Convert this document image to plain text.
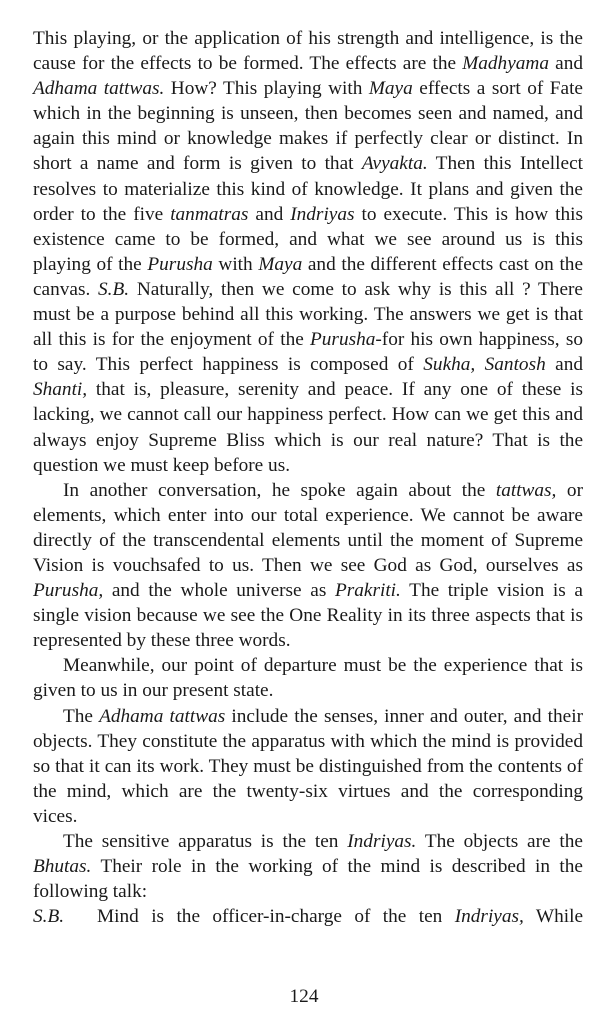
This playing, or the application of his strength and intelligence, is the cause for the effects to be formed. The effects are the Madhyama and Adhama tattwas. How? This playing with Maya effects a sort of Fate which in the beginning is unseen, then becomes seen and named, and again this mind or knowledge makes if perfectly clear or distinct. In short a name and form is given to that Avyakta. Then this Intellect resolves to materialize this kind of knowledge. It plans and given the order to the five tanmatras and Indriyas to execute. This is how this existence came to be formed, and what we see around us is this playing of the Purusha with Maya and the different effects cast on the canvas. S.B. Naturally, then we come to ask why is this all ? There must be a purpose behind all this working. The answers we get is that all this is for the enjoyment of the Purusha-for his own happiness, so to say. This perfect happiness is composed of Sukha, Santosh and Shanti, that is, pleasure, serenity and peace. If any one of these is lacking, we cannot call our happiness perfect. How can we get this and always enjoy Supreme Bliss which is our real nature? That is the question we must keep before us.

In another conversation, he spoke again about the tattwas, or elements, which enter into our total experience. We cannot be aware directly of the transcendental elements until the moment of Supreme Vision is vouchsafed to us. Then we see God as God, ourselves as Purusha, and the whole universe as Prakriti. The triple vision is a single vision because we see the One Reality in its three aspects that is represented by these three words.

Meanwhile, our point of departure must be the experience that is given to us in our present state.

The Adhama tattwas include the senses, inner and outer, and their objects. They constitute the apparatus with which the mind is provided so that it can its work. They must be distinguished from the contents of the mind, which are the twenty-six virtues and the corresponding vices.

The sensitive apparatus is the ten Indriyas. The objects are the Bhutas. Their role in the working of the mind is described in the following talk:

S.B. Mind is the officer-in-charge of the ten Indriyas, While

124
